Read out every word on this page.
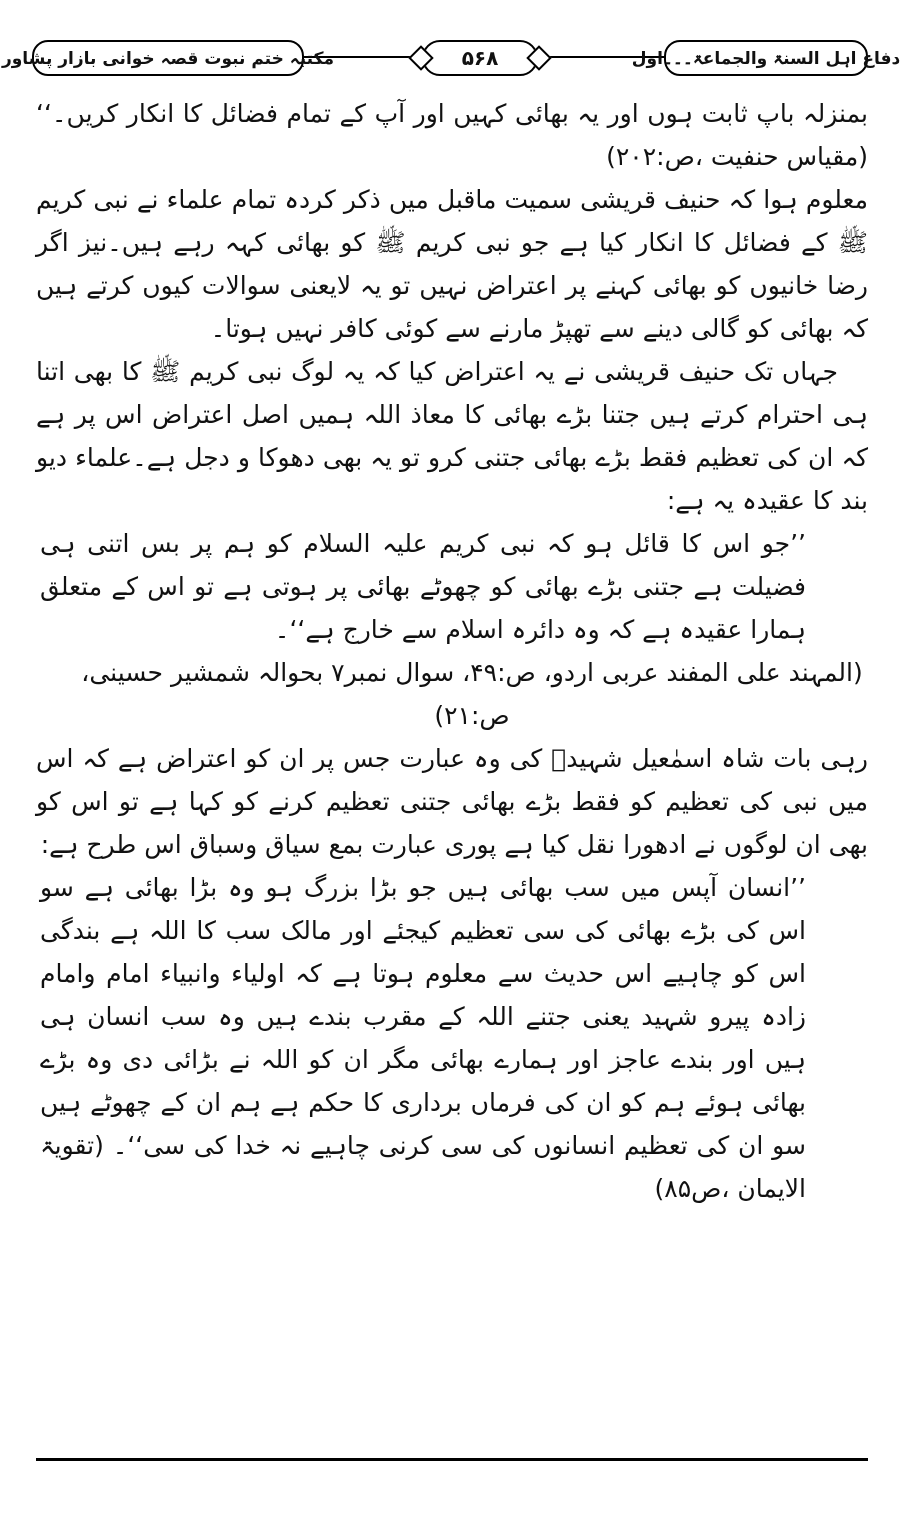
دفاع اہل السنۃ والجماعۃ۔۔۔اول
۵۶۸
مکتبہ ختم نبوت قصہ خوانی بازار پشاور

بمنزلہ باپ ثابت ہوں اور یہ بھائی کہیں اور آپ کے تمام فضائل کا انکار کریں۔‘‘ (مقیاس حنفیت ،ص:۲۰۲)

معلوم ہوا کہ حنیف قریشی سمیت ماقبل میں ذکر کردہ تمام علماء نے نبی کریم ﷺ کے فضائل کا انکار کیا ہے جو نبی کریم ﷺ کو بھائی کہہ رہے ہیں۔نیز اگر رضا خانیوں کو بھائی کہنے پر اعتراض نہیں تو یہ لایعنی سوالات کیوں کرتے ہیں کہ بھائی کو گالی دینے سے تھپڑ مارنے سے کوئی کافر نہیں ہوتا۔

جہاں تک حنیف قریشی نے یہ اعتراض کیا کہ یہ لوگ نبی کریم ﷺ کا بھی اتنا ہی احترام کرتے ہیں جتنا بڑے بھائی کا معاذ اللہ ہمیں اصل اعتراض اس پر ہے کہ ان کی تعظیم فقط بڑے بھائی جتنی کرو تو یہ بھی دھوکا و دجل ہے۔علماء دیو بند کا عقیدہ یہ ہے:

’’جو اس کا قائل ہو کہ نبی کریم علیہ السلام کو ہم پر بس اتنی ہی فضیلت ہے جتنی بڑے بھائی کو چھوٹے بھائی پر ہوتی ہے تو اس کے متعلق ہمارا عقیدہ ہے کہ وہ دائرہ اسلام سے خارج ہے‘‘۔

(المہند علی المفند عربی اردو، ص:۴۹، سوال نمبر۷ بحوالہ شمشیر حسینی، ص:۲۱)

رہی بات شاہ اسمٰعیل شہیدؒ کی وہ عبارت جس پر ان کو اعتراض ہے کہ اس میں نبی کی تعظیم کو فقط بڑے بھائی جتنی تعظیم کرنے کو کہا ہے تو اس کو بھی ان لوگوں نے ادھورا نقل کیا ہے پوری عبارت بمع سیاق وسباق اس طرح ہے:

’’انسان آپس میں سب بھائی ہیں جو بڑا بزرگ ہو وہ بڑا بھائی ہے سو اس کی بڑے بھائی کی سی تعظیم کیجئے اور مالک سب کا اللہ ہے بندگی اس کو چاہیے اس حدیث سے معلوم ہوتا ہے کہ اولیاء وانبیاء امام وامام زادہ پیرو شہید یعنی جتنے اللہ کے مقرب بندے ہیں وہ سب انسان ہی ہیں اور بندے عاجز اور ہمارے بھائی مگر ان کو اللہ نے بڑائی دی وہ بڑے بھائی ہوئے ہم کو ان کی فرماں برداری کا حکم ہے ہم ان کے چھوٹے ہیں سو ان کی تعظیم انسانوں کی سی کرنی چاہیے نہ خدا کی سی‘‘۔ (تقویۃ الایمان ،ص۸۵)
